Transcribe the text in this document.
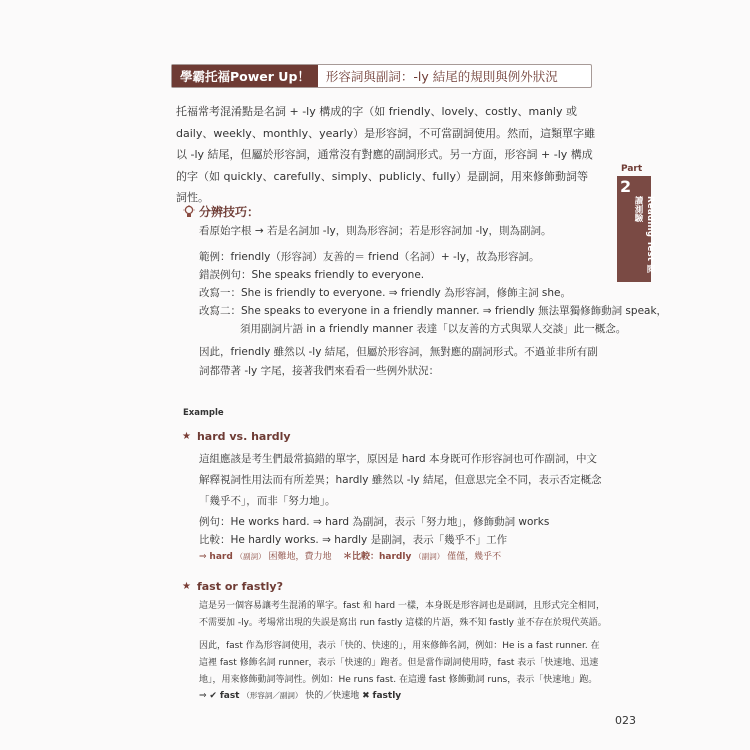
學霸托福Power Up！	形容詞與副詞：-ly 結尾的規則與例外狀況

托福常考混淆點是名詞 + -ly 構成的字（如 friendly、lovely、costly、manly 或 daily、weekly、monthly、yearly）是形容詞，不可當副詞使用。然而，這類單字雖以 -ly 結尾，但屬於形容詞，通常沒有對應的副詞形式。另一方面，形容詞 + -ly 構成的字（如 quickly、carefully、simply、publicly、fully）是副詞，用來修飾動詞等詞性。

Part
2
Reading Test 閱讀測驗
分辨技巧：
看原始字根 → 若是名詞加 -ly，則為形容詞；若是形容詞加 -ly，則為副詞。
範例：friendly（形容詞）友善的＝ friend（名詞）+ -ly，故為形容詞。
錯誤例句：She speaks friendly to everyone.
改寫一：She is friendly to everyone. ⇒ friendly 為形容詞，修飾主詞 she。
改寫二：She speaks to everyone in a friendly manner. ⇒ friendly 無法單獨修飾動詞 speak，
須用副詞片語 in a friendly manner 表達「以友善的方式與眾人交談」此一概念。

因此，friendly 雖然以 -ly 結尾，但屬於形容詞，無對應的副詞形式。不過並非所有副詞都帶著 -ly 字尾，接著我們來看看一些例外狀況：

Example
★ hard vs. hardly

這組應該是考生們最常搞錯的單字，原因是 hard 本身既可作形容詞也可作副詞，中文解釋視詞性用法而有所差異；hardly 雖然以 -ly 結尾，但意思完全不同，表示否定概念「幾乎不」，而非「努力地」。

例句：He works hard. ⇒ hard 為副詞，表示「努力地」，修飾動詞 works
比較：He hardly works. ⇒ hardly 是副詞，表示「幾乎不」工作
⇒ hard （副詞） 困難地，費力地 ＊比較：hardly （副詞） 僅僅，幾乎不
★ fast or fastly?

這是另一個容易讓考生混淆的單字。fast 和 hard 一樣，本身既是形容詞也是副詞，且形式完全相同，不需要加 -ly。考場常出現的失誤是寫出 run fastly 這樣的片語，殊不知 fastly 並不存在於現代英語。

因此，fast 作為形容詞使用，表示「快的、快速的」，用來修飾名詞，例如：He is a fast runner. 在這裡 fast 修飾名詞 runner，表示「快速的」跑者。但是當作副詞使用時，fast 表示「快速地、迅速地」，用來修飾動詞等詞性。例如：He runs fast. 在這邊 fast 修飾動詞 runs，表示「快速地」跑。

⇒ ✔ fast （形容詞／副詞） 快的／快速地 ✖ fastly
023
